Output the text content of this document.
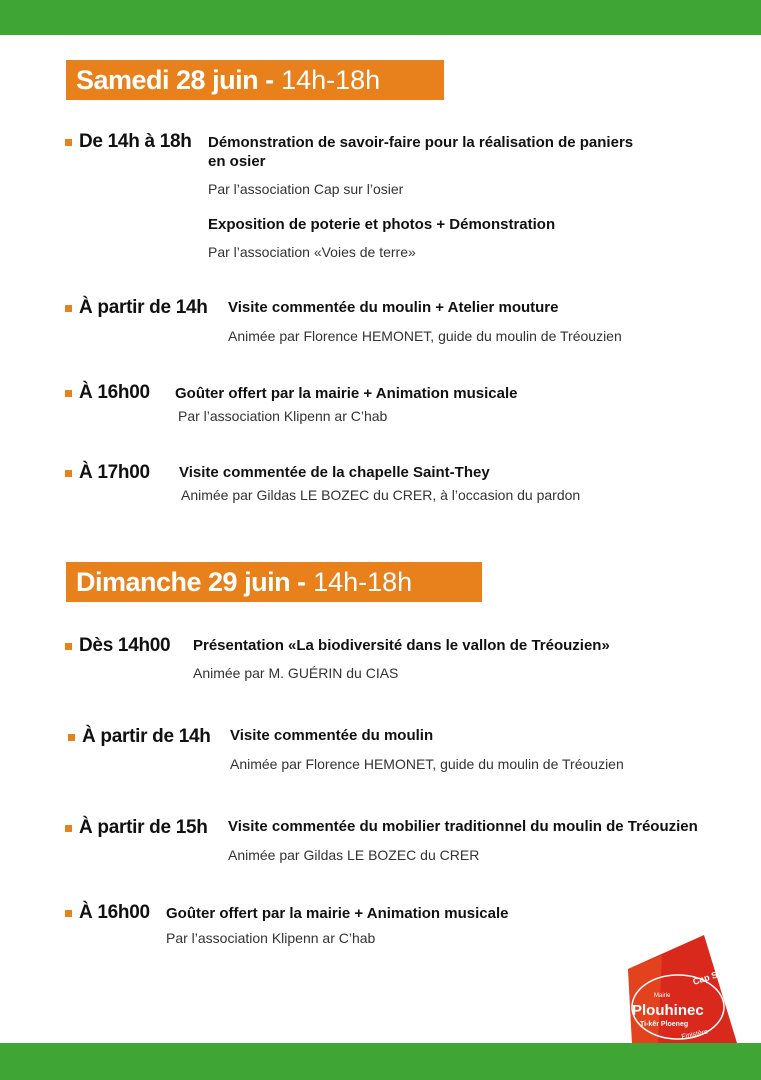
Samedi 28 juin - 14h-18h
De 14h à 18h Démonstration de savoir-faire pour la réalisation de paniers
en osier
Par l’association Cap sur l’osier
Exposition de poterie et photos + Démonstration
Par l’association «Voies de terre»
À partir de 14h Visite commentée du moulin + Atelier mouture
Animée par Florence HEMONET, guide du moulin de Tréouzien
À 16h00 Goûter offert par la mairie + Animation musicale
Par l’association Klipenn ar C’hab
À 17h00 Visite commentée de la chapelle Saint-They
Animée par Gildas LE BOZEC du CRER, à l’occasion du pardon
Dimanche 29 juin - 14h-18h
Dès 14h00 Présentation «La biodiversité dans le vallon de Tréouzien»
Animée par M. GUÉRIN du CIAS
À partir de 14h Visite commentée du moulin
Animée par Florence HEMONET, guide du moulin de Tréouzien
À partir de 15h Visite commentée du mobilier traditionnel du moulin de Tréouzien
Animée par Gildas LE BOZEC du CRER
À 16h00 Goûter offert par la mairie + Animation musicale
Par l’association Klipenn ar C’hab
Cap Sizun
Mairie
Plouhinec
Ti-kêr Ploeneg
Finistère
